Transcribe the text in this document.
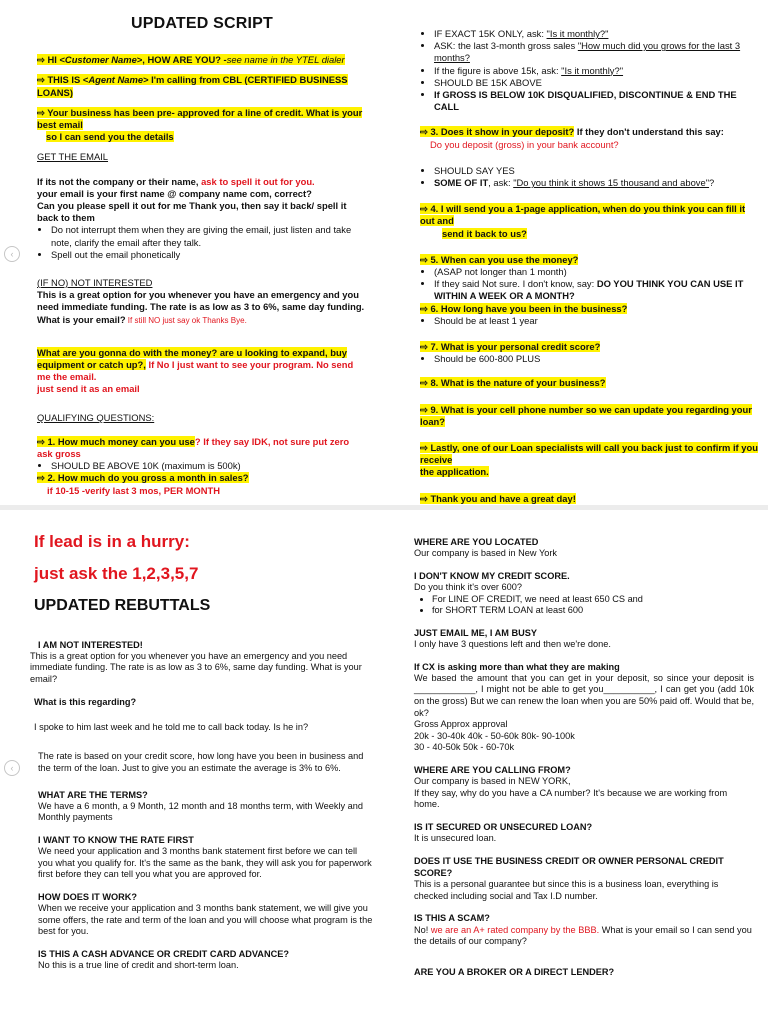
‹
UPDATED SCRIPT

⇨ HI <Customer Name>, HOW ARE YOU? -see name in the YTEL dialer

⇨ THIS IS <Agent Name> I'm calling from CBL (CERTIFIED BUSINESS LOANS)

⇨ Your business has been pre- approved for a line of credit. What is your best email
so I can send you the details

GET THE EMAIL

If its not the company or their name, ask to spell it out for you.

your email is your first name @ company name com, correct?

Can you please spell it out for me Thank you, then say it back/ spell it back to them

• Do not interrupt them when they are giving the email, just listen and take note, clarify the email after they talk.
• Spell out the email phonetically

(IF NO) NOT INTERESTED

This is a great option for you whenever you have an emergency and you need immediate funding. The rate is as low as 3 to 6%, same day funding. What is your email? If still NO just say ok Thanks Bye.

What are you gonna do with the money? are u looking to expand, buy equipment or catch up?, If No I just want to see your program. No send me the email.
just send it as an email

QUALIFYING QUESTIONS:

⇨ 1. How much money can you use? If they say IDK, not sure put zero ask gross

• SHOULD BE ABOVE 10K (maximum is 500k)

⇨ 2. How much do you gross a month in sales?

if 10-15 -verify last 3 mos, PER MONTH

• IF EXACT 15K ONLY, ask: "Is it monthly?"
• ASK: the last 3-month gross sales "How much did you grows for the last 3 months?
• If the figure is above 15k, ask: "Is it monthly?"
• SHOULD BE 15K ABOVE
• If GROSS IS BELOW 10K DISQUALIFIED, DISCONTINUE & END THE CALL

⇨ 3. Does it show in your deposit? If they don't understand this say:

Do you deposit (gross) in your bank account?

• SHOULD SAY YES
• SOME OF IT, ask: "Do you think it shows 15 thousand and above"?

⇨ 4. I will send you a 1-page application, when do you think you can fill it out and
send it back to us?

⇨ 5. When can you use the money?

• (ASAP not longer than 1 month)
• If they said Not sure. I don't know, say: DO YOU THINK YOU CAN USE IT WITHIN A WEEK OR A MONTH?

⇨ 6. How long have you been in the business?

• Should be at least 1 year

⇨ 7. What is your personal credit score?

• Should be 600-800 PLUS

⇨ 8. What is the nature of your business?

⇨ 9. What is your cell phone number so we can update you regarding your loan?

⇨ Lastly, one of our Loan specialists will call you back just to confirm if you receive
the application.

⇨ Thank you and have a great day!

‹

If lead is in a hurry:

just ask the 1,2,3,5,7

UPDATED REBUTTALS

I AM NOT INTERESTED!

This is a great option for you whenever you have an emergency and you need immediate funding. The rate is as low as 3 to 6%, same day funding. What is your email?

What is this regarding?

I spoke to him last week and he told me to call back today. Is he in?

The rate is based on your credit score, how long have you been in business and the term of the loan. Just to give you an estimate the average is 3% to 6%.

WHAT ARE THE TERMS?

We have a 6 month, a 9 Month, 12 month and 18 months term, with Weekly and Monthly payments

I WANT TO KNOW THE RATE FIRST

We need your application and 3 months bank statement first before we can tell you what you qualify for. It's the same as the bank, they will ask you for paperwork first before they can tell you what you are approved for.

HOW DOES IT WORK?

When we receive your application and 3 months bank statement, we will give you some offers, the rate and term of the loan and you will choose what program is the best for you.

IS THIS A CASH ADVANCE OR CREDIT CARD ADVANCE?

No this is a true line of credit and short-term loan.

WHERE ARE YOU LOCATED

Our company is based in New York

I DON'T KNOW MY CREDIT SCORE.

Do you think it's over 600?

• For LINE OF CREDIT, we need at least 650 CS and
• for SHORT TERM LOAN at least 600

JUST EMAIL ME, I AM BUSY

I only have 3 questions left and then we're done.

If CX is asking more than what they are making

We based the amount that you can get in your deposit, so since your deposit is ____________, I might not be able to get you__________, I can get you (add 10k on the gross) But we can renew the loan when you are 50% paid off. Would that be, ok?

Gross Approx approval

20k - 30-40k 40k - 50-60k 80k- 90-100k

30 - 40-50k 50k - 60-70k

WHERE ARE YOU CALLING FROM?

Our company is based in NEW YORK,

If they say, why do you have a CA number? It's because we are working from home.

IS IT SECURED OR UNSECURED LOAN?

It is unsecured loan.

DOES IT USE THE BUSINESS CREDIT OR OWNER PERSONAL CREDIT SCORE?

This is a personal guarantee but since this is a business loan, everything is checked including social and Tax I.D number.

IS THIS A SCAM?

No! we are an A+ rated company by the BBB. What is your email so I can send you the details of our company?

ARE YOU A BROKER OR A DIRECT LENDER?
